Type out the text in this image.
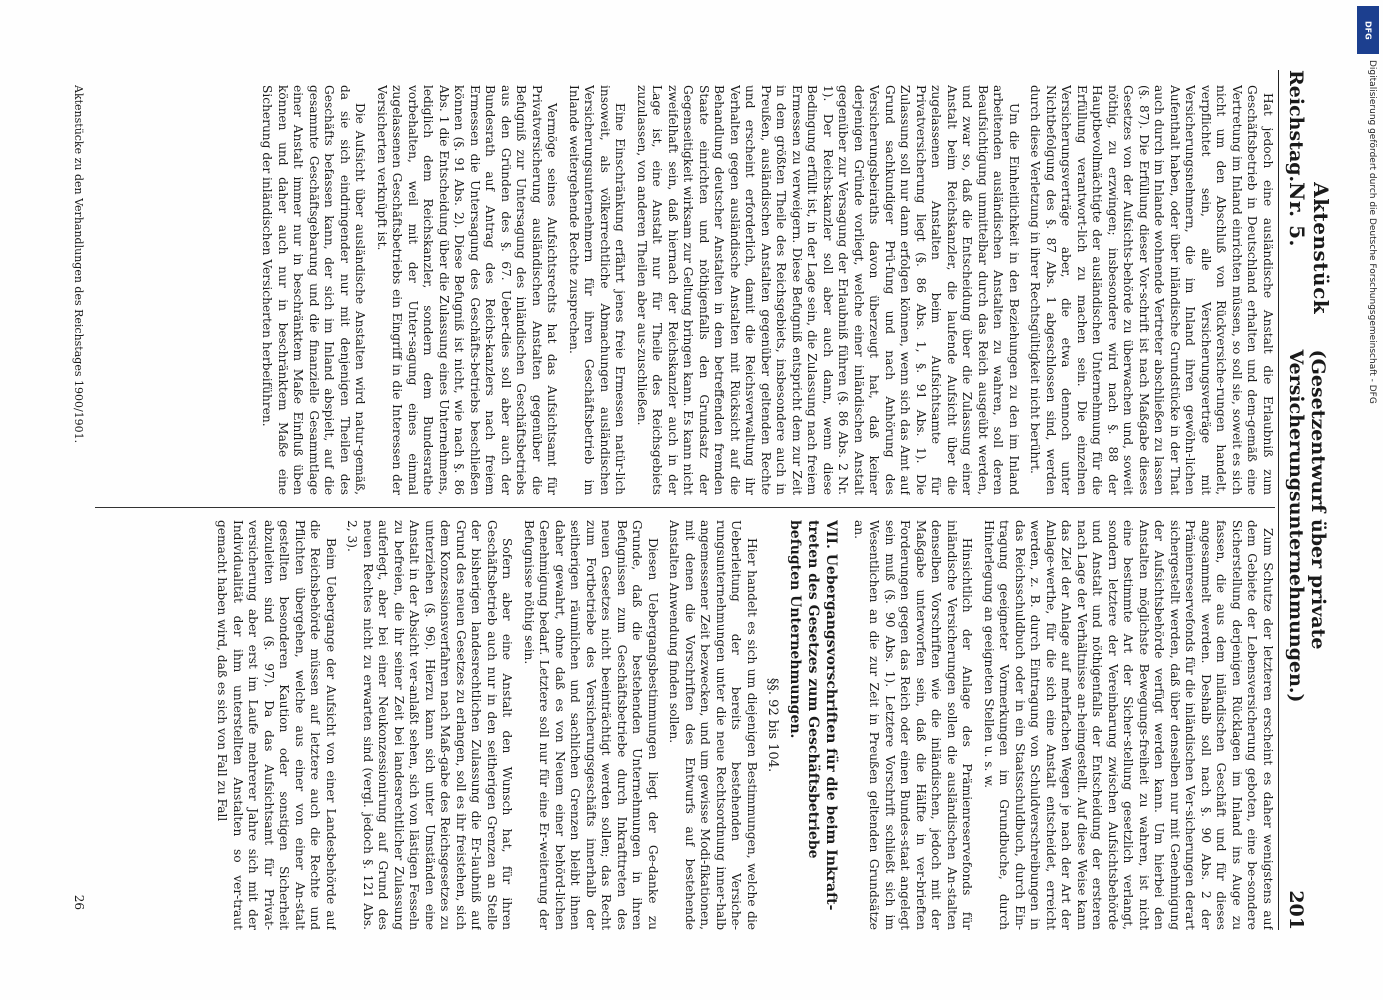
Reichstag.
Aktenstück Nr. 5.
(Gesetzentwurf über private Versicherungsunternehmungen.)
201

Hat jedoch eine ausländische Anstalt die Erlaubniß zum Geschäftsbetrieb in Deutschland erhalten und dem-gemäß eine Vertretung im Inland einrichten müssen, so soll sie, soweit es sich nicht um den Abschluß von Rückversiche-rungen handelt, verpflichtet sein, alle Versicherungsverträge mit Versicherungsnehmern, die im Inland ihren gewöhn-lichen Aufenthalt haben, oder über inländische Grundstücke in der That auch durch im Inlande wohnende Vertreter abschließen zu lassen (§. 87). Die Erfüllung dieser Vor-schrift ist nach Maßgabe dieses Gesetzes von der Aufsichts-behörde zu überwachen und, soweit nöthig, zu erzwingen; insbesondere wird nach §. 88 der Hauptbevollmächtigte der ausländischen Unternehmung für die Erfüllung verantwort-lich zu machen sein. Die einzelnen Versicherungsverträge aber, die etwa dennoch unter Nichtbefolgung des §. 87 Abs. 1 abgeschlossen sind, werden durch diese Verletzung in ihrer Rechtsgültigkeit nicht berührt.

Um die Einheitlichkeit in den Beziehungen zu den im Inland arbeitenden ausländischen Anstalten zu wahren, soll deren Beaufsichtigung unmittelbar durch das Reich ausgeübt werden, und zwar so, daß die Entscheidung über die Zulassung einer Anstalt beim Reichskanzler, die laufende Aufsicht über die zugelassenen Anstalten beim Aufsichtsamte für Privatversicherung liegt (§. 86 Abs. 1, §. 91 Abs. 1). Die Zulassung soll nur dann erfolgen können, wenn sich das Amt auf Grund sachkundiger Prü-fung und nach Anhörung des Versicherungsbeiraths davon überzeugt hat, daß keiner derjenigen Gründe vorliegt, welche einer inländischen Anstalt gegenüber zur Versagung der Erlaubniß führen (§. 86 Abs. 2 Nr. 1). Der Reichs-kanzler soll aber auch dann, wenn diese Bedingung erfüllt ist, in der Lage sein, die Zulassung nach freiem Ermessen zu verweigern. Diese Befugniß entspricht dem zur Zeit in dem größten Theile des Reichsgebiets, insbesondere auch in Preußen, ausländischen Anstalten gegenüber geltenden Rechte und erscheint erforderlich, damit die Reichsverwaltung ihr Verhalten gegen ausländische Anstalten mit Rücksicht auf die Behandlung deutscher Anstalten in dem betreffenden fremden Staate einrichten und nöthigenfalls den Grundsatz der Gegenseitigkeit wirksam zur Geltung bringen kann. Es kann nicht zweifelhaft sein, daß hiernach der Reichskanzler auch in der Lage ist, eine Anstalt nur für Theile des Reichsgebiets zuzulassen, von anderen Theilen aber aus-zuschließen.

Eine Einschränkung erfährt jenes freie Ermessen natür-lich insoweit, als völkerrechtliche Abmachungen ausländischen Versicherungsunternehmern für ihren Geschäftsbetrieb im Inlande weitergehende Rechte zusprechen.

Vermöge seines Aufsichtsrechts hat das Aufsichtsamt für Privatversicherung ausländischen Anstalten gegenüber die Befugniß zur Untersagung des inländischen Geschäftsbetriebs aus den Gründen des §. 67. Ueber-dies soll aber auch der Bundesrath auf Antrag des Reichs-kanzlers nach freiem Ermessen die Untersagung des Geschäfts-betriebs beschließen können (§. 91 Abs. 2). Diese Befugniß ist nicht, wie nach §. 86 Abs. 1 die Entscheidung über die Zulassung eines Unternehmens, lediglich dem Reichskanzler, sondern dem Bundesrathe vorbehalten, weil mit der Unter-sagung eines einmal zugelassenen Geschäftsbetriebs ein Eingriff in die Interessen der Versicherten verknüpft ist.

Die Aufsicht über ausländische Anstalten wird natur-gemäß, da sie sich eindringender nur mit denjenigen Theilen des Geschäfts befassen kann, der sich im Inland abspielt, auf die gesammte Geschäftsgebarung und die finanzielle Gesammtlage einer Anstalt immer nur in beschränktem Maße Einfluß üben können und daher auch nur in beschränktem Maße eine Sicherung der inländischen Versicherten herbeiführen.

Zum Schutze der letzteren erscheint es daher wenigstens auf dem Gebiete der Lebensversicherung geboten, eine be-sondere Sicherstellung derjenigen Rücklagen im Inland ins Auge zu fassen, die aus dem inländischen Geschäft und für dieses angesammelt werden. Deshalb soll nach §. 90 Abs. 2 der Prämienreservefonds für die inländischen Ver-sicherungen derart sichergestellt werden, daß über denselben nur mit Genehmigung der Aufsichtsbehörde verfügt werden kann. Um hierbei den Anstalten möglichste Bewegungs-freiheit zu wahren, ist nicht eine bestimmte Art der Sicher-stellung gesetzlich verlangt, sondern letztere der Vereinbarung zwischen Aufsichtsbehörde und Anstalt und nöthigenfalls der Entscheidung der ersteren nach Lage der Verhältnisse an-heimgestellt. Auf diese Weise kann das Ziel der Anlage auf mehrfachen Wegen je nach der Art der Anlage-werthe, für die sich eine Anstalt entscheidet, erreicht werden, z. B. durch Eintragung von Schuldverschreibungen in das Reichsschuldbuch oder in ein Staatsschuldbuch, durch Ein-tragung geeigneter Vormerkungen im Grundbuche, durch Hinterlegung an geeigneten Stellen u. s. w.

Hinsichtlich der Anlage des Prämienreservefonds für inländische Versicherungen sollen die ausländischen An-stalten denselben Vorschriften wie die inländischen, jedoch mit der Maßgabe unterworfen sein, daß die Hälfte in ver-brieften Forderungen gegen das Reich oder einen Bundes-staat angelegt sein muß (§. 90 Abs. 1). Letztere Vorschrift schließt sich im Wesentlichen an die zur Zeit in Preußen geltenden Grundsätze an.

VII. Uebergangsvorschriften für die beim Inkraft-treten des Gesetzes zum Geschäftsbetriebe befugten Unternehmungen.
§§. 92 bis 104.

Hier handelt es sich um diejenigen Bestimmungen, welche die Ueberleitung der bereits bestehenden Versiche-rungsunternehmungen unter die neue Rechtsordnung inner-halb angemessener Zeit bezwecken, und um gewisse Modi-fikationen, mit denen die Vorschriften des Entwurfs auf bestehende Anstalten Anwendung finden sollen.

Diesen Uebergangsbestimmungen liegt der Ge-danke zu Grunde, daß die bestehenden Unternehmungen in ihren Befugnissen zum Geschäftsbetriebe durch Inkrafttreten des neuen Gesetzes nicht beeinträchtigt werden sollen; das Recht zum Fortbetriebe des Versicherungsgeschäfts innerhalb der seitherigen räumlichen und sachlichen Grenzen bleibt ihnen daher gewahrt, ohne daß es von Neuem einer behörd-lichen Genehmigung bedarf. Letztere soll nur für eine Er-weiterung der Befugnisse nöthig sein.

Sofern aber eine Anstalt den Wunsch hat, für ihren Geschäftsbetrieb auch nur in den seitherigen Grenzen an Stelle der bisherigen landesrechtlichen Zulassung die Er-laubniß auf Grund des neuen Gesetzes zu erlangen, soll es ihr freistehen, sich dem Konzessionsverfahren nach Maß-gabe des Reichsgesetzes zu unterziehen (§. 96). Hierzu kann sich unter Umständen eine Anstalt in der Absicht ver-anlaßt sehen, sich von lästigen Fesseln zu befreien, die ihr seiner Zeit bei landesrechtlicher Zulassung auferlegt, aber bei einer Neukonzessionirung auf Grund des neuen Rechtes nicht zu erwarten sind (vergl. jedoch §. 121 Abs. 2, 3).

Beim Uebergange der Aufsicht von einer Landesbehörde auf die Reichsbehörde müssen auf letztere auch die Rechte und Pflichten übergehen, welche aus einer von einer An-stalt gestellten besonderen Kaution oder sonstigen Sicherheit abzuleiten sind (§. 97). Da das Aufsichtsamt für Privat-versicherung aber erst im Laufe mehrerer Jahre sich mit der Individualität der ihm unterstellten Anstalten so ver-traut gemacht haben wird, daß es sich von Fall zu Fall

Aktenstücke zu den Verhandlungen des Reichstages 1900/1901.
26
DFG
Digitalisierung gefördert durch die Deutsche Forschungsgemeinschaft - DFG
